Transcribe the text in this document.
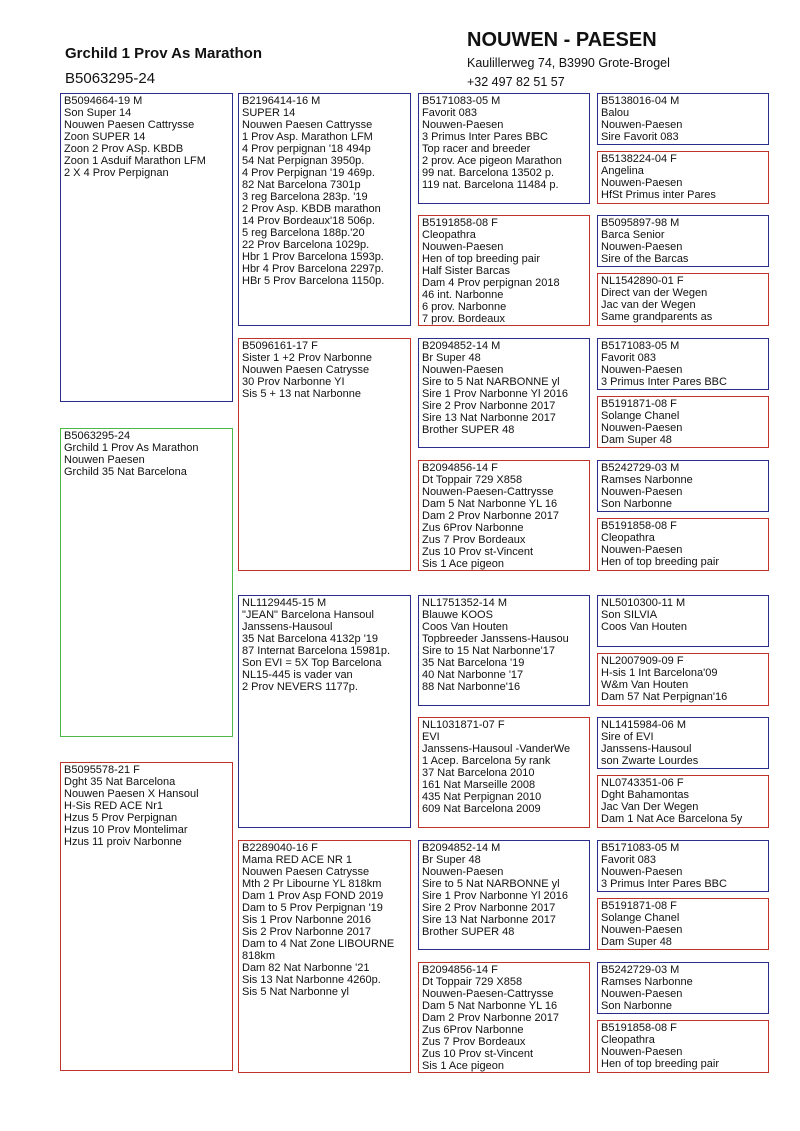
Grchild 1 Prov As Marathon
B5063295-24
NOUWEN - PAESEN
Kaulillerweg 74, B3990 Grote-Brogel
+32 497 82 51 57
B5094664-19 M
Son Super 14
Nouwen Paesen Cattrysse
Zoon SUPER 14
Zoon 2 Prov ASp. KBDB
Zoon 1 Asduif Marathon LFM
2 X 4 Prov Perpignan
B5063295-24
Grchild 1 Prov As Marathon
Nouwen Paesen
Grchild 35 Nat Barcelona
B5095578-21 F
Dght 35 Nat Barcelona
Nouwen Paesen X Hansoul
H-Sis RED ACE Nr1
Hzus 5 Prov Perpignan
Hzus 10 Prov Montelimar
Hzus 11 proiv Narbonne
B2196414-16 M
SUPER 14
Nouwen Paesen Cattrysse
1 Prov Asp. Marathon LFM
4 Prov perpignan '18 494p
54 Nat Perpignan 3950p.
4 Prov Perpignan '19 469p.
82 Nat Barcelona 7301p
3 reg Barcelona 283p. '19
2 Prov Asp. KBDB marathon
14 Prov Bordeaux'18 506p.
5 reg Barcelona 188p.'20
22 Prov Barcelona 1029p.
Hbr 1 Prov Barcelona 1593p.
Hbr 4 Prov Barcelona 2297p.
HBr 5 Prov Barcelona 1150p.
B5096161-17 F
Sister 1 +2 Prov Narbonne
Nouwen Paesen Catrysse
30 Prov Narbonne YI
Sis 5 + 13 nat Narbonne
NL1129445-15 M
"JEAN" Barcelona Hansoul
Janssens-Hausoul
35 Nat Barcelona 4132p '19
87 Internat Barcelona 15981p.
Son EVI = 5X Top Barcelona
NL15-445 is vader van
2 Prov NEVERS 1177p.
B2289040-16 F
Mama RED ACE NR 1
Nouwen Paesen Catrysse
Mth 2 Pr Libourne YL 818km
Dam 1 Prov Asp FOND 2019
Dam to 5 Prov Perpignan '19
Sis 1 Prov Narbonne 2016
Sis 2 Prov Narbonne 2017
Dam to 4 Nat Zone LIBOURNE 818km
Dam 82 Nat Narbonne '21
Sis 13 Nat Narbonne 4260p.
Sis 5 Nat Narbonne yl
B5171083-05 M
Favorit 083
Nouwen-Paesen
3 Primus Inter Pares BBC
Top racer and breeder
2 prov. Ace pigeon Marathon
99 nat. Barcelona 13502 p.
119 nat. Barcelona 11484 p.
B5191858-08 F
Cleopathra
Nouwen-Paesen
Hen of top breeding pair
Half Sister Barcas
Dam 4 Prov perpignan 2018
46 int. Narbonne
6 prov. Narbonne
7 prov. Bordeaux
B2094852-14 M
Br Super 48
Nouwen-Paesen
Sire to 5 Nat NARBONNE yl
Sire 1 Prov Narbonne Yl 2016
Sire 2 Prov Narbonne 2017
Sire 13 Nat Narbonne 2017
Brother SUPER 48
B2094856-14 F
Dt Toppair 729 X858
Nouwen-Paesen-Cattrysse
Dam 5 Nat Narbonne YL 16
Dam 2 Prov Narbonne 2017
Zus 6Prov Narbonne
Zus 7 Prov Bordeaux
Zus 10 Prov st-Vincent
Sis 1 Ace pigeon
NL1751352-14 M
Blauwe KOOS
Coos Van Houten
Topbreeder Janssens-Hausou
Sire to 15 Nat Narbonne'17
35 Nat Barcelona '19
40 Nat Narbonne '17
88 Nat Narbonne'16
NL1031871-07 F
EVI
Janssens-Hausoul -VanderWe
1 Acep. Barcelona 5y rank
37 Nat Barcelona 2010
161 Nat Marseille 2008
435 Nat Perpignan 2010
609 Nat Barcelona 2009
B2094852-14 M
Br Super 48
Nouwen-Paesen
Sire to 5 Nat NARBONNE yl
Sire 1 Prov Narbonne Yl 2016
Sire 2 Prov Narbonne 2017
Sire 13 Nat Narbonne 2017
Brother SUPER 48
B2094856-14 F
Dt Toppair 729 X858
Nouwen-Paesen-Cattrysse
Dam 5 Nat Narbonne YL 16
Dam 2 Prov Narbonne 2017
Zus 6Prov Narbonne
Zus 7 Prov Bordeaux
Zus 10 Prov st-Vincent
Sis 1 Ace pigeon
B5138016-04 M
Balou
Nouwen-Paesen
Sire Favorit 083
B5138224-04 F
Angelina
Nouwen-Paesen
HfSt Primus inter Pares
B5095897-98 M
Barca Senior
Nouwen-Paesen
Sire of the Barcas
NL1542890-01 F
Direct van der Wegen
Jac van der Wegen
Same grandparents as
B5171083-05 M
Favorit 083
Nouwen-Paesen
3 Primus Inter Pares BBC
B5191871-08 F
Solange Chanel
Nouwen-Paesen
Dam Super 48
B5242729-03 M
Ramses Narbonne
Nouwen-Paesen
Son Narbonne
B5191858-08 F
Cleopathra
Nouwen-Paesen
Hen of top breeding pair
NL5010300-11 M
Son SILVIA
Coos Van Houten
NL2007909-09 F
H-sis 1 Int Barcelona'09
W&m Van Houten
Dam 57 Nat Perpignan'16
NL1415984-06 M
Sire of EVI
Janssens-Hausoul
son Zwarte Lourdes
NL0743351-06 F
Dght Bahamontas
Jac Van Der Wegen
Dam 1 Nat Ace Barcelona 5y
B5171083-05 M
Favorit 083
Nouwen-Paesen
3 Primus Inter Pares BBC
B5191871-08 F
Solange Chanel
Nouwen-Paesen
Dam Super 48
B5242729-03 M
Ramses Narbonne
Nouwen-Paesen
Son Narbonne
B5191858-08 F
Cleopathra
Nouwen-Paesen
Hen of top breeding pair
